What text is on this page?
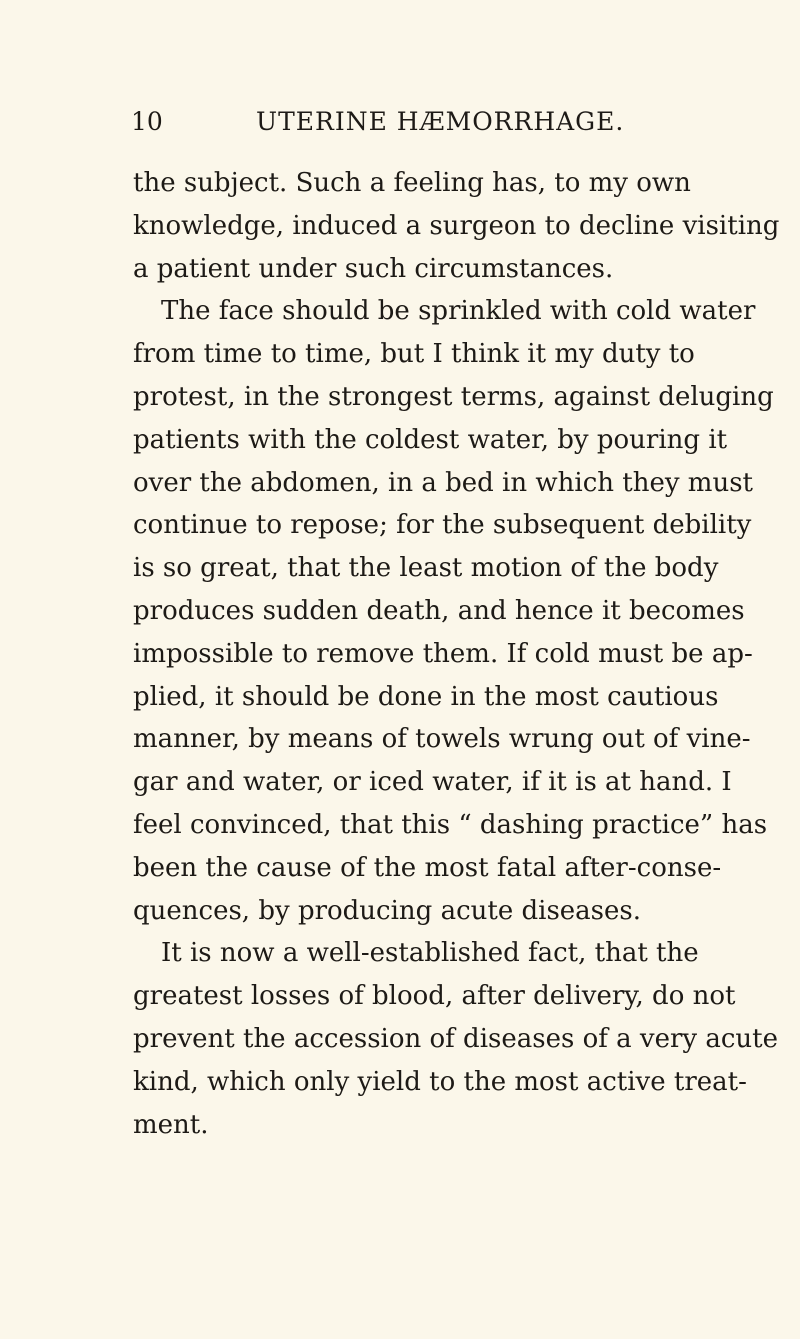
10	UTERINE HÆMORRHAGE.
the subject. Such a feeling has, to my own
knowledge, induced a surgeon to decline visiting
a patient under such circumstances.
The face should be sprinkled with cold water
from time to time, but I think it my duty to
protest, in the strongest terms, against deluging
patients with the coldest water, by pouring it
over the abdomen, in a bed in which they must
continue to repose; for the subsequent debility
is so great, that the least motion of the body
produces sudden death, and hence it becomes
impossible to remove them. If cold must be ap-
plied, it should be done in the most cautious
manner, by means of towels wrung out of vine-
gar and water, or iced water, if it is at hand. I
feel convinced, that this “ dashing practice” has
been the cause of the most fatal after-conse-
quences, by producing acute diseases.
It is now a well-established fact, that the
greatest losses of blood, after delivery, do not
prevent the accession of diseases of a very acute
kind, which only yield to the most active treat-
ment.
